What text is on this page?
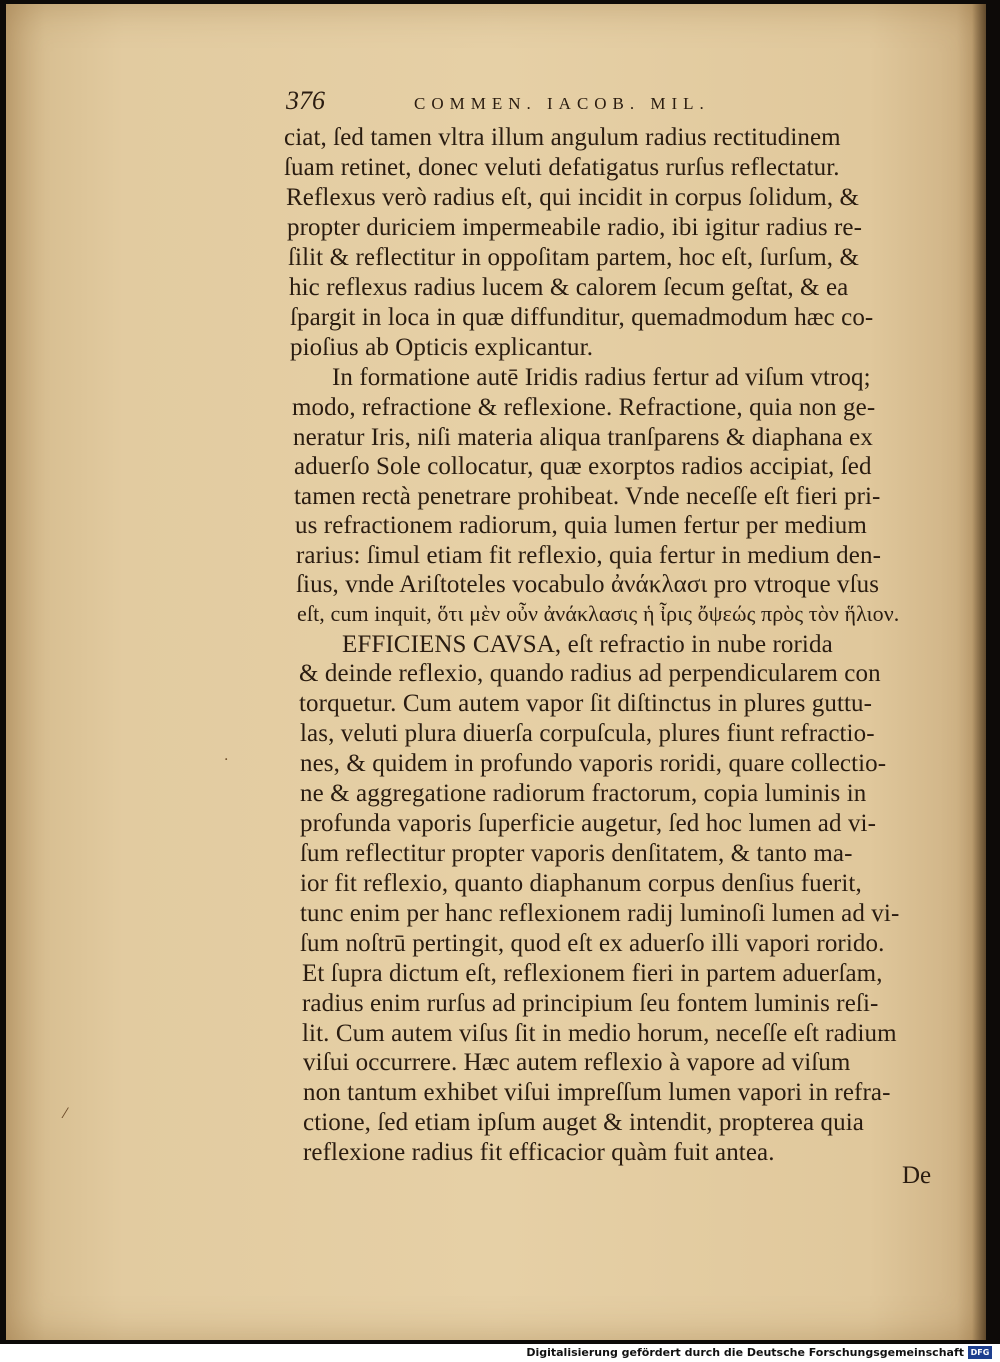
376	COMMEN. IACOB. MIL.
ciat, ſed tamen vltra illum angulum radius rectitudinem
ſuam retinet, donec veluti defatigatus rurſus reflectatur.
Reflexus verò radius eſt, qui incidit in corpus ſolidum, &
propter duriciem impermeabile radio, ibi igitur radius re-
ſilit & reflectitur in oppoſitam partem, hoc eſt, ſurſum, &
hic reflexus radius lucem & calorem ſecum geſtat, & ea
ſpargit in loca in quæ diffunditur, quemadmodum hæc co-
pioſius ab Opticis explicantur.
In formatione autē Iridis radius fertur ad viſum vtroq;
modo, refractione & reflexione. Refractione, quia non ge-
neratur Iris, niſi materia aliqua tranſparens & diaphana ex
aduerſo Sole collocatur, quæ exorptos radios accipiat, ſed
tamen rectà penetrare prohibeat. Vnde neceſſe eſt fieri pri-
us refractionem radiorum, quia lumen fertur per medium
rarius: ſimul etiam fit reflexio, quia fertur in medium den-
ſius, vnde Ariſtoteles vocabulo ἀνάκλασι pro vtroque vſus
eſt, cum inquit, ὅτι μὲν οὖν ἀνάκλασις ἡ ἶρις ὄψεώς πρὸς τὸν ἥλιον.
EFFICIENS CAVSA, eſt refractio in nube rorida
& deinde reflexio, quando radius ad perpendicularem con
torquetur. Cum autem vapor ſit diſtinctus in plures guttu-
las, veluti plura diuerſa corpuſcula, plures fiunt refractio-
nes, & quidem in profundo vaporis roridi, quare collectio-
ne & aggregatione radiorum fractorum, copia luminis in
profunda vaporis ſuperficie augetur, ſed hoc lumen ad vi-
ſum reflectitur propter vaporis denſitatem, & tanto ma-
ior fit reflexio, quanto diaphanum corpus denſius fuerit,
tunc enim per hanc reflexionem radij luminoſi lumen ad vi-
ſum noſtrū pertingit, quod eſt ex aduerſo illi vapori rorido.
Et ſupra dictum eſt, reflexionem fieri in partem aduerſam,
radius enim rurſus ad principium ſeu fontem luminis reſi-
lit. Cum autem viſus ſit in medio horum, neceſſe eſt radium
viſui occurrere. Hæc autem reflexio à vapore ad viſum
non tantum exhibet viſui impreſſum lumen vapori in refra-
ctione, ſed etiam ipſum auget & intendit, propterea quia
reflexione radius fit efficacior quàm fuit antea.
De
⁄
·
Digitalisierung gefördert durch die Deutsche Forschungsgemeinschaft DFG
